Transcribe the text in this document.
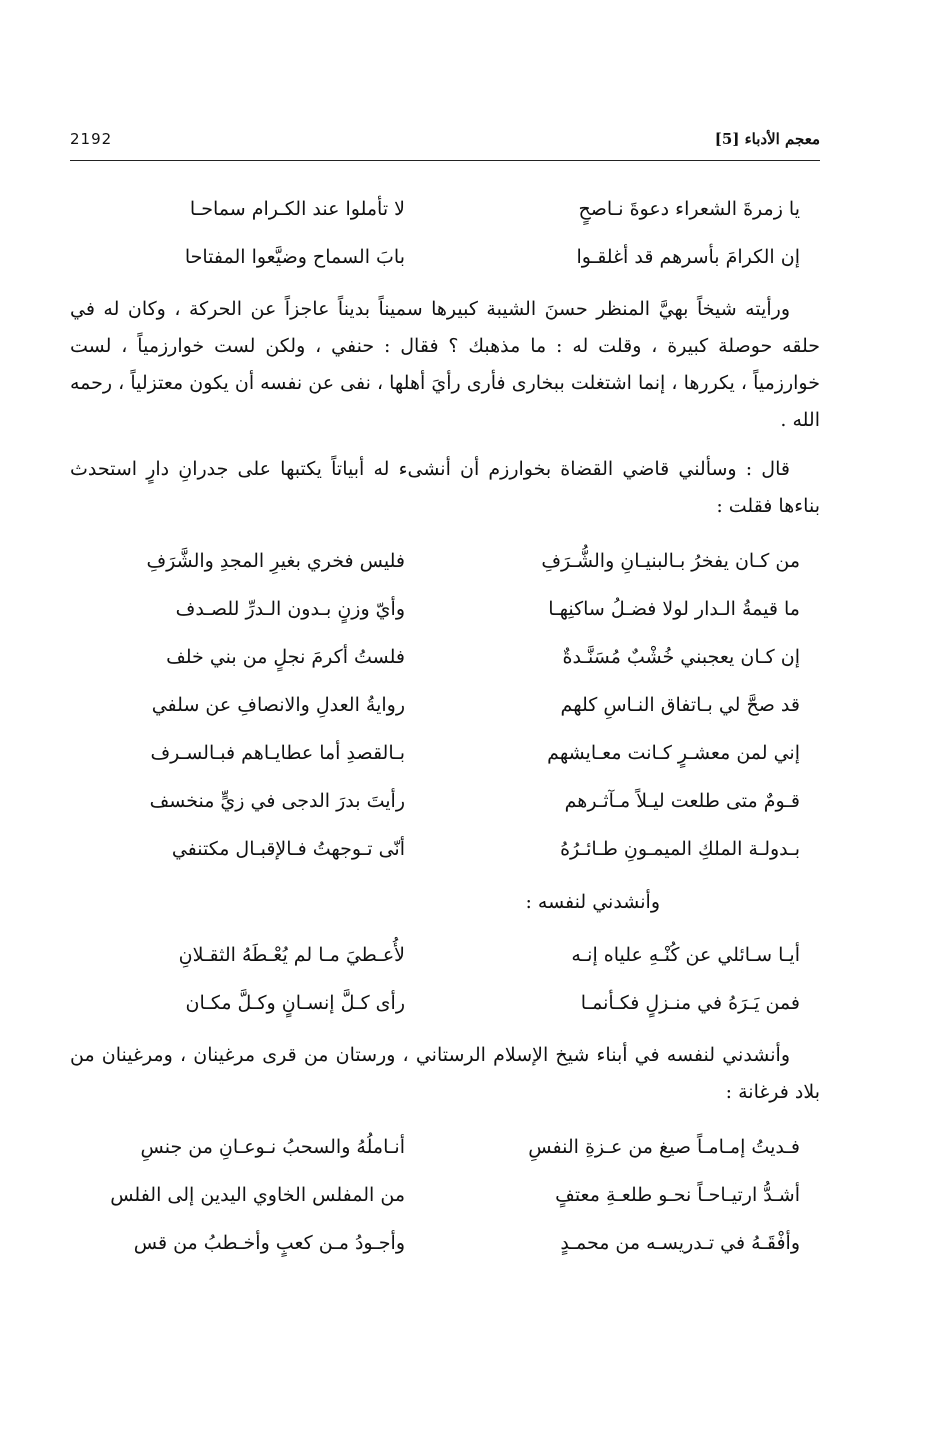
2192	معجم الأدباء [5]
يا زمرةَ الشعراء دعوةَ نـاصحٍ
لا تأملوا عند الكـرام سماحـا
إن الكرامَ بأسرهم قد أغلقـوا
بابَ السماح وضيَّعوا المفتاحا

ورأيته شيخاً بهيَّ المنظر حسنَ الشيبة كبيرها سميناً بديناً عاجزاً عن الحركة ، وكان له في حلقه حوصلة كبيرة ، وقلت له : ما مذهبك ؟ فقال : حنفي ، ولكن لست خوارزمياً ، لست خوارزمياً ، يكررها ، إنما اشتغلت ببخارى فأرى رأيَ أهلها ، نفى عن نفسه أن يكون معتزلياً ، رحمه الله .

قال : وسألني قاضي القضاة بخوارزم أن أنشىء له أبياتاً يكتبها على جدرانِ دارٍ استحدث بناءها فقلت :

من كـان يفخرُ بـالبنيـانِ والشُّـرَفِ
فليس فخري بغيرِ المجدِ والشَّرَفِ
ما قيمةُ الـدار لولا فضـلُ ساكنِهـا
وأيّ وزنٍ بـدون الـدرِّ للصـدف
إن كـان يعجبني خُشْبٌ مُسَنَّـدةٌ
فلستُ أكرمَ نجلٍ من بني خلف
قد صحَّ لي بـاتفاق النـاسِ كلهم
روايةُ العدلِ والانصافِ عن سلفي
إني لمن معشـرٍ كـانت معـايشهم
بـالقصدِ أما عطايـاهم فبـالسـرف
قـومٌ متى طلعت ليـلاً مـآثـرهم
رأيتَ بدرَ الدجى في زيٍّ منخسف
بـدولـة الملكِ الميمـونِ طـائـرُهُ
أنّى تـوجهتُ فـالإقبـال مكتنفي

وأنشدني لنفسه :

أيـا سـائلي عن كُنْـهِ علياه إنـه
لأُعـطيَ مـا لم يُعْـطَهُ الثقـلانِ
فمن يَـرَهُ في منـزلٍ فكـأنمـا
رأى كـلَّ إنسـانٍ وكـلَّ مكـان

وأنشدني لنفسه في أبناء شيخ الإسلام الرستاني ، ورستان من قرى مرغينان ، ومرغينان من بلاد فرغانة :

فـديتُ إمـامـاً صيغ من عـزةِ النفسِ
أنـاملُهُ والسحبُ نـوعـانِ من جنسِ
أشـدُّ ارتيـاحـاً نحـو طلعـةِ معتفٍ
من المفلس الخاوي اليدين إلى الفلس
وأفْقَـهُ في تـدريسـه من محمـدٍ
وأجـودُ مـن كعبٍ وأخـطبُ من قس
